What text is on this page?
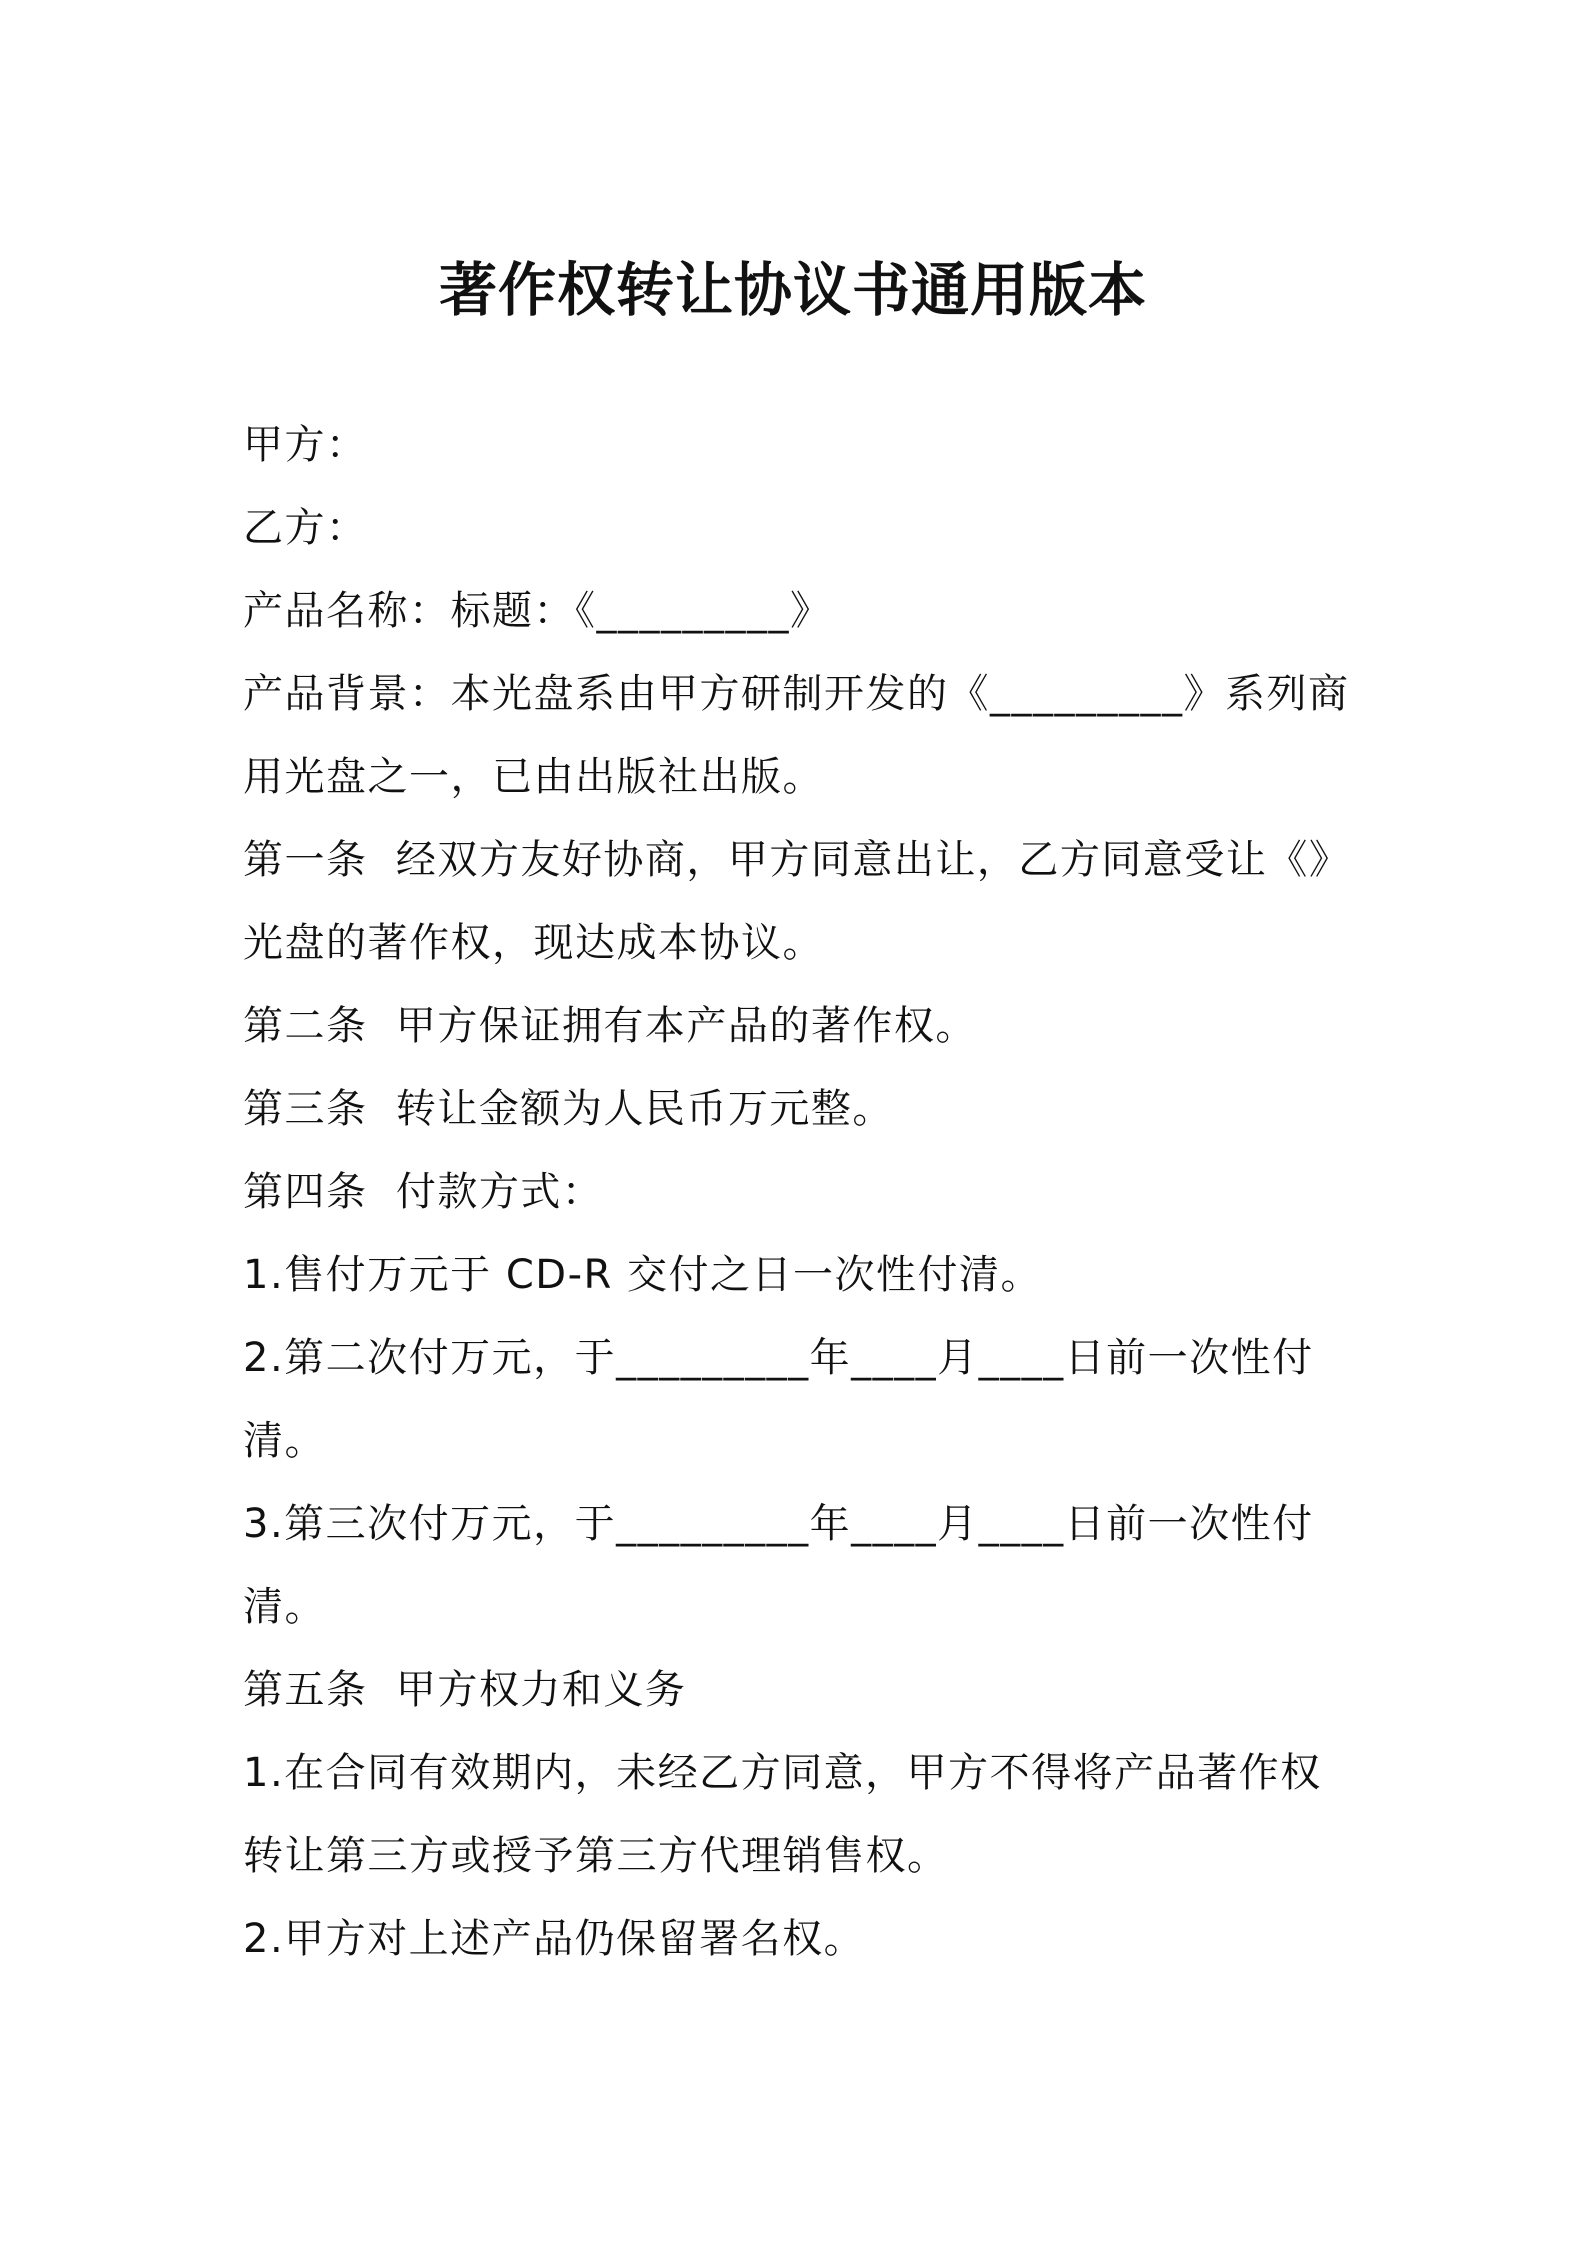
著作权转让协议书通用版本

甲方：

乙方：

产品名称：标题：《_________》

产品背景：本光盘系由甲方研制开发的《_________》系列商用光盘之一，已由出版社出版。

第一条  经双方友好协商，甲方同意出让，乙方同意受让《》光盘的著作权，现达成本协议。

第二条  甲方保证拥有本产品的著作权。

第三条  转让金额为人民币万元整。

第四条  付款方式：

1.售付万元于 CD-R 交付之日一次性付清。

2.第二次付万元，于_________年____月____日前一次性付清。

3.第三次付万元，于_________年____月____日前一次性付清。

第五条  甲方权力和义务

1.在合同有效期内，未经乙方同意，甲方不得将产品著作权转让第三方或授予第三方代理销售权。

2.甲方对上述产品仍保留署名权。
